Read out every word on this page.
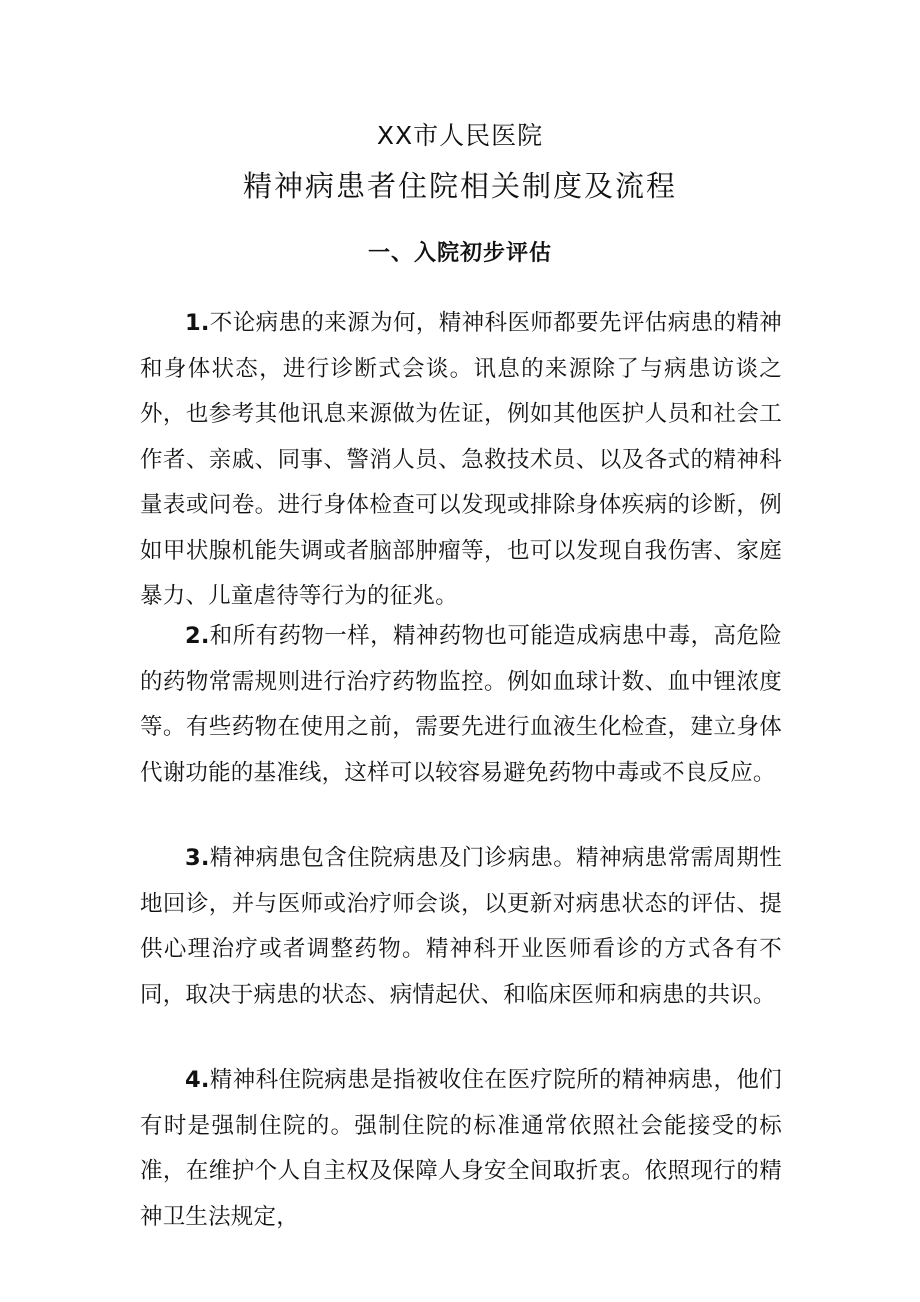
XX市人民医院
精神病患者住院相关制度及流程
一、入院初步评估

1.不论病患的来源为何，精神科医师都要先评估病患的精神和身体状态，进行诊断式会谈。讯息的来源除了与病患访谈之外，也参考其他讯息来源做为佐证，例如其他医护人员和社会工作者、亲戚、同事、警消人员、急救技术员、以及各式的精神科量表或问卷。进行身体检查可以发现或排除身体疾病的诊断，例如甲状腺机能失调或者脑部肿瘤等，也可以发现自我伤害、家庭暴力、儿童虐待等行为的征兆。

2.和所有药物一样，精神药物也可能造成病患中毒，高危险的药物常需规则进行治疗药物监控。例如血球计数、血中锂浓度等。有些药物在使用之前，需要先进行血液生化检查，建立身体代谢功能的基准线，这样可以较容易避免药物中毒或不良反应。

3.精神病患包含住院病患及门诊病患。精神病患常需周期性地回诊，并与医师或治疗师会谈，以更新对病患状态的评估、提供心理治疗或者调整药物。精神科开业医师看诊的方式各有不同，取决于病患的状态、病情起伏、和临床医师和病患的共识。

4.精神科住院病患是指被收住在医疗院所的精神病患，他们有时是强制住院的。强制住院的标准通常依照社会能接受的标准，在维护个人自主权及保障人身安全间取折衷。依照现行的精神卫生法规定，
